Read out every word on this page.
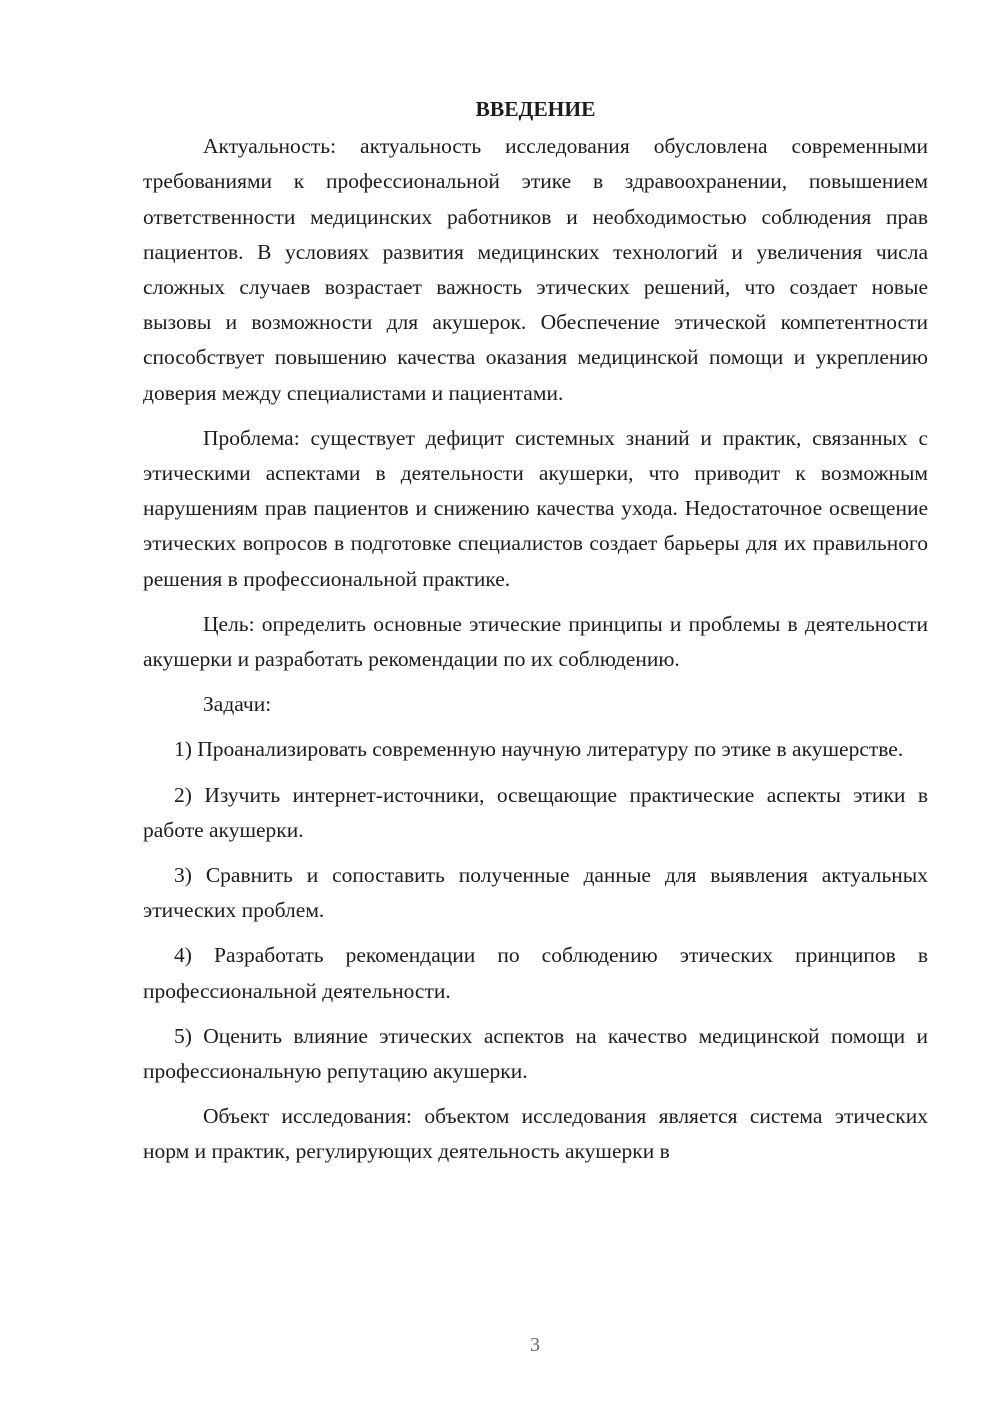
ВВЕДЕНИЕ

Актуальность: актуальность исследования обусловлена современными требованиями к профессиональной этике в здравоохранении, повышением ответственности медицинских работников и необходимостью соблюдения прав пациентов. В условиях развития медицинских технологий и увеличения числа сложных случаев возрастает важность этических решений, что создает новые вызовы и возможности для акушерок. Обеспечение этической компетентности способствует повышению качества оказания медицинской помощи и укреплению доверия между специалистами и пациентами.

Проблема: существует дефицит системных знаний и практик, связанных с этическими аспектами в деятельности акушерки, что приводит к возможным нарушениям прав пациентов и снижению качества ухода. Недостаточное освещение этических вопросов в подготовке специалистов создает барьеры для их правильного решения в профессиональной практике.

Цель: определить основные этические принципы и проблемы в деятельности акушерки и разработать рекомендации по их соблюдению.

Задачи:

1) Проанализировать современную научную литературу по этике в акушерстве.

2) Изучить интернет-источники, освещающие практические аспекты этики в работе акушерки.

3) Сравнить и сопоставить полученные данные для выявления актуальных этических проблем.

4) Разработать рекомендации по соблюдению этических принципов в профессиональной деятельности.

5) Оценить влияние этических аспектов на качество медицинской помощи и профессиональную репутацию акушерки.

Объект исследования: объектом исследования является система этических норм и практик, регулирующих деятельность акушерки в

3
